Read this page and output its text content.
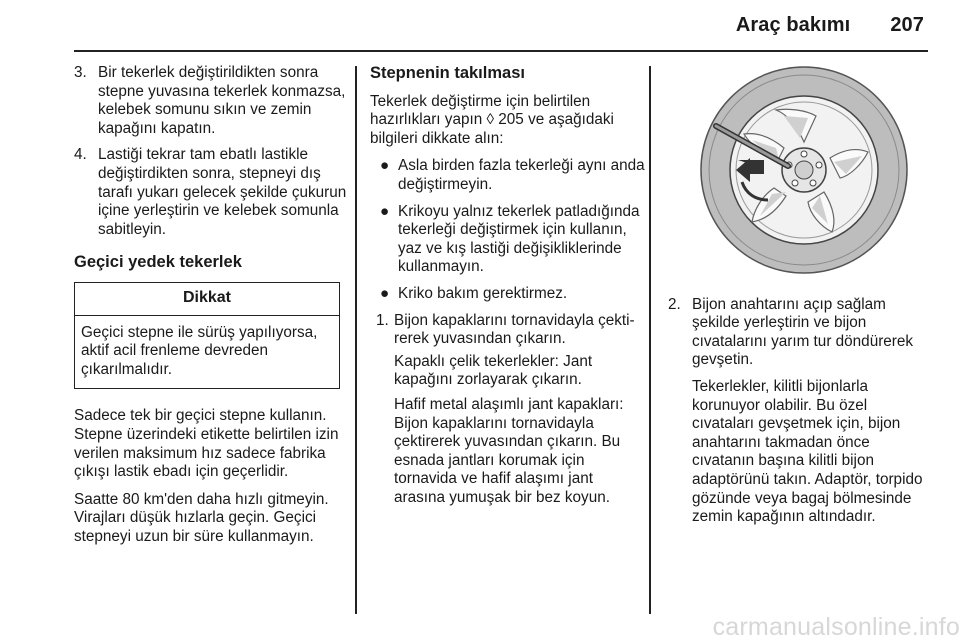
Araç bakımı 207
3. Bir tekerlek değiştirildikten sonra stepne yuvasına tekerlek konmazsa, kelebek somunu sıkın ve zemin kapağını kapatın.
4. Lastiği tekrar tam ebatlı lastikle değiştirdikten sonra, stepneyi dış tarafı yukarı gelecek şekilde çukurun içine yerleştirin ve kelebek somunla sabitleyin.
Geçici yedek tekerlek
Dikkat
Geçici stepne ile sürüş yapılıyorsa, aktif acil frenleme devreden çıkarılmalıdır.

Sadece tek bir geçici stepne kullanın. Stepne üzerindeki etikette belirtilen izin verilen maksimum hız sadece fabrika çıkışı lastik ebadı için geçerlidir.

Saatte 80 km'den daha hızlı gitmeyin. Virajları düşük hızlarla geçin. Geçici stepneyi uzun bir süre kullanmayın.

Stepnenin takılması

Tekerlek değiştirme için belirtilen hazırlıkları yapın ◊ 205 ve aşağıdaki bilgileri dikkate alın:

● Asla birden fazla tekerleği aynı anda değiştirmeyin.
● Krikoyu yalnız tekerlek patladığında tekerleği değiştirmek için kullanın, yaz ve kış lastiği değişikliklerinde kullanmayın.
● Kriko bakım gerektirmez.
1. Bijon kapaklarını tornavidayla çektirerek yuvasından çıkarın.

Kapaklı çelik tekerlekler: Jant kapağını zorlayarak çıkarın.

Hafif metal alaşımlı jant kapakları: Bijon kapaklarını tornavidayla çektirerek yuvasından çıkarın. Bu esnada jantları korumak için tornavida ve hafif alaşımı jant arasına yumuşak bir bez koyun.

2. Bijon anahtarını açıp sağlam şekilde yerleştirin ve bijon cıvatalarını yarım tur döndürerek gevşetin.

Tekerlekler, kilitli bijonlarla korunuyor olabilir. Bu özel cıvataları gevşetmek için, bijon anahtarını takmadan önce cıvatanın başına kilitli bijon adaptörünü takın. Adaptör, torpido gözünde veya bagaj bölmesinde zemin kapağının altındadır.

carmanualsonline.info
